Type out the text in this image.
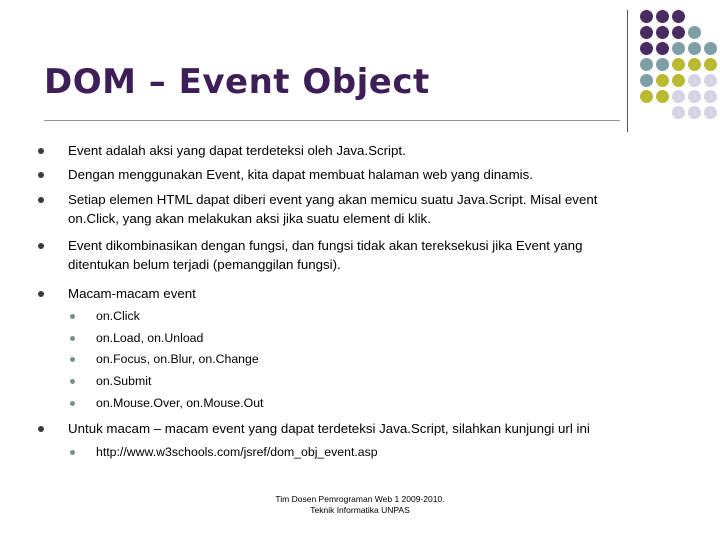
DOM – Event Object
Event adalah aksi yang dapat terdeteksi oleh Java.Script.
Dengan menggunakan Event, kita dapat membuat halaman web yang dinamis.
Setiap elemen HTML dapat diberi event yang akan memicu suatu Java.Script. Misal event
on.Click, yang akan melakukan aksi jika suatu element di klik.
Event dikombinasikan dengan fungsi, dan fungsi tidak akan tereksekusi jika Event yang
ditentukan belum terjadi (pemanggilan fungsi).
Macam-macam event
on.Click
on.Load, on.Unload
on.Focus, on.Blur, on.Change
on.Submit
on.Mouse.Over, on.Mouse.Out
Untuk macam – macam event yang dapat terdeteksi Java.Script, silahkan kunjungi url ini
http://www.w3schools.com/jsref/dom_obj_event.asp
Tim Dosen Pemrograman Web 1 2009-2010.
Teknik Informatika UNPAS
